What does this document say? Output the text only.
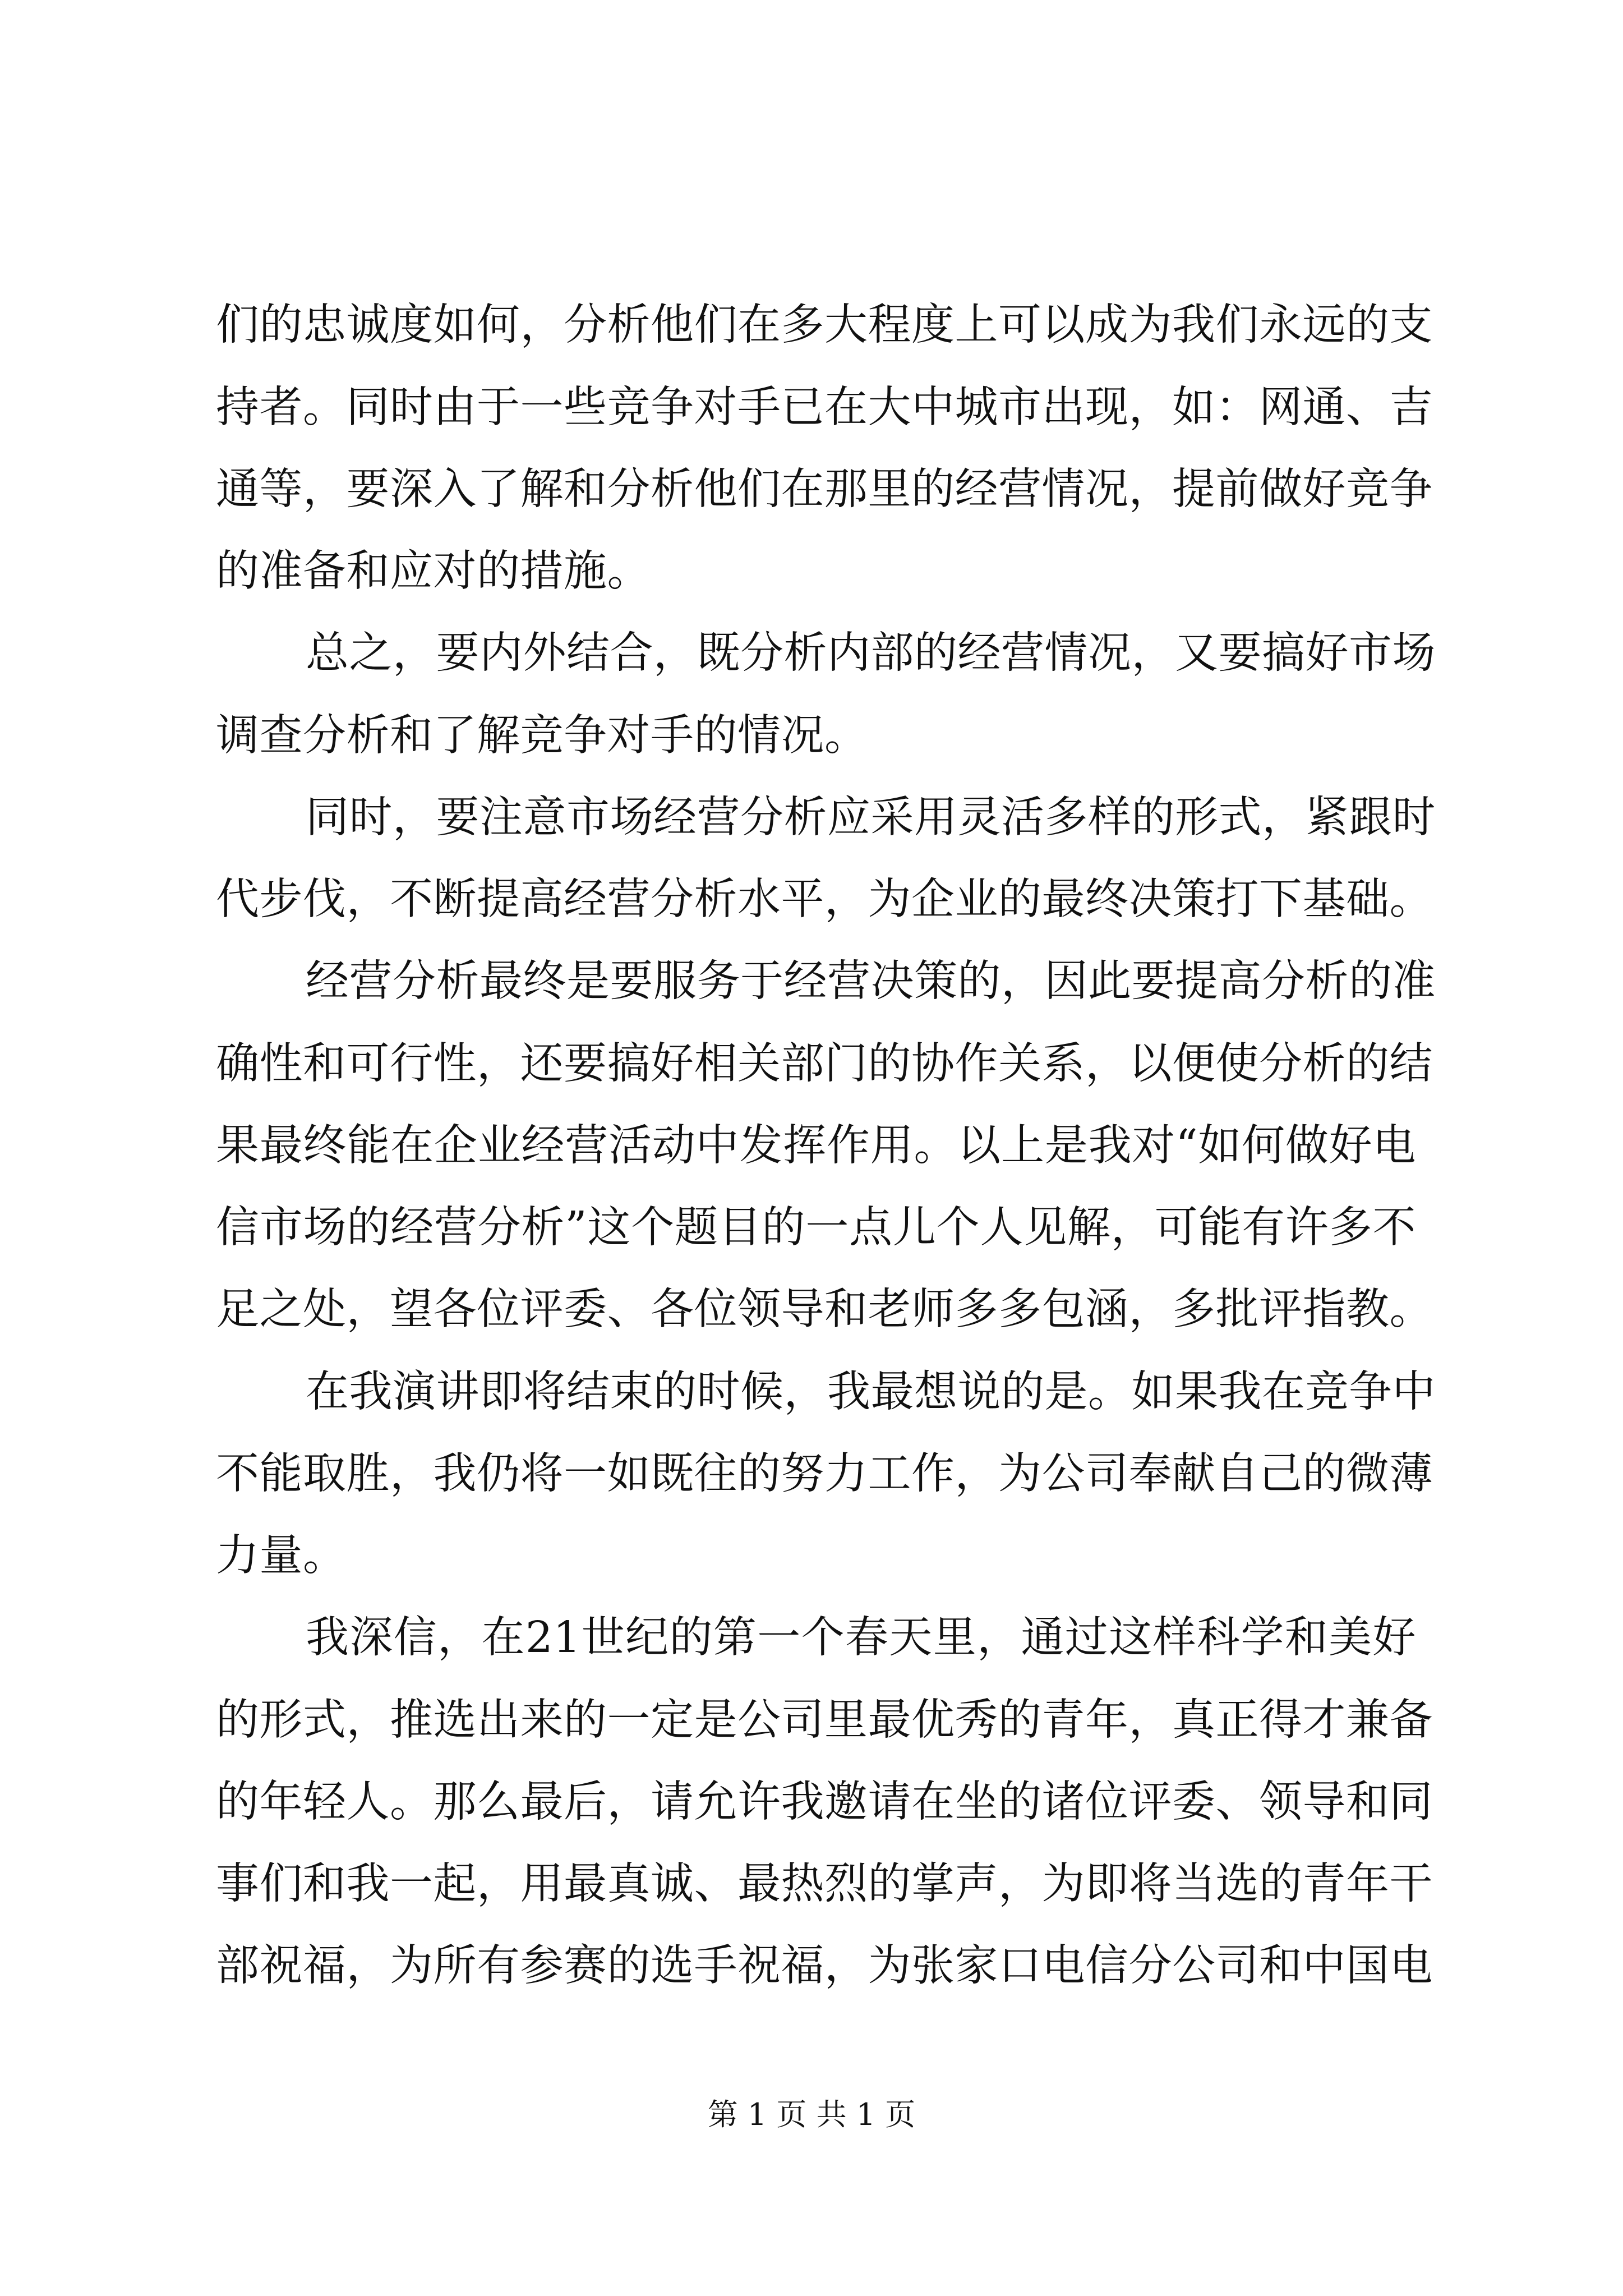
们的忠诚度如何，分析他们在多大程度上可以成为我们永远的支
持者。同时由于一些竞争对手已在大中城市出现，如：网通、吉
通等，要深入了解和分析他们在那里的经营情况，提前做好竞争
的准备和应对的措施。
总之，要内外结合，既分析内部的经营情况，又要搞好市场
调查分析和了解竞争对手的情况。
同时，要注意市场经营分析应采用灵活多样的形式，紧跟时
代步伐，不断提高经营分析水平，为企业的最终决策打下基础。
经营分析最终是要服务于经营决策的，因此要提高分析的准
确性和可行性，还要搞好相关部门的协作关系，以便使分析的结
果最终能在企业经营活动中发挥作用。以上是我对“如何做好电
信市场的经营分析”这个题目的一点儿个人见解，可能有许多不
足之处，望各位评委、各位领导和老师多多包涵，多批评指教。
在我演讲即将结束的时候，我最想说的是。如果我在竞争中
不能取胜，我仍将一如既往的努力工作，为公司奉献自己的微薄
力量。
我深信，在21世纪的第一个春天里，通过这样科学和美好
的形式，推选出来的一定是公司里最优秀的青年，真正得才兼备
的年轻人。那么最后，请允许我邀请在坐的诸位评委、领导和同
事们和我一起，用最真诚、最热烈的掌声，为即将当选的青年干
部祝福，为所有参赛的选手祝福，为张家口电信分公司和中国电
第 1 页 共 1 页
